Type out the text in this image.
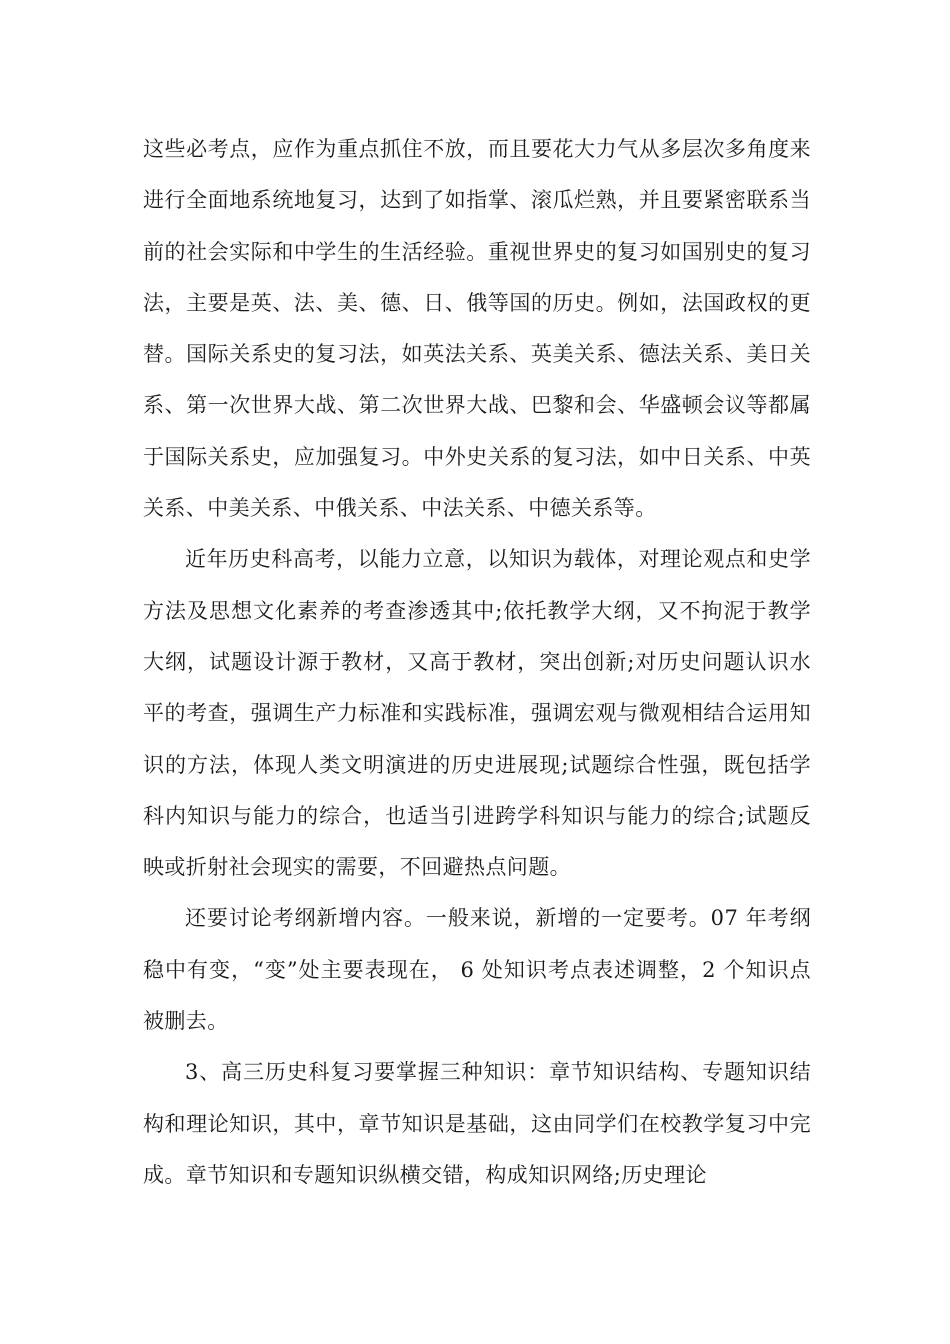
这些必考点，应作为重点抓住不放，而且要花大力气从多层次多角度来进行全面地系统地复习，达到了如指掌、滚瓜烂熟，并且要紧密联系当前的社会实际和中学生的生活经验。重视世界史的复习如国别史的复习法，主要是英、法、美、德、日、俄等国的历史。例如，法国政权的更替。国际关系史的复习法，如英法关系、英美关系、德法关系、美日关系、第一次世界大战、第二次世界大战、巴黎和会、华盛顿会议等都属于国际关系史，应加强复习。中外史关系的复习法，如中日关系、中英关系、中美关系、中俄关系、中法关系、中德关系等。

近年历史科高考，以能力立意，以知识为载体，对理论观点和史学方法及思想文化素养的考查渗透其中;依托教学大纲，又不拘泥于教学大纲，试题设计源于教材，又高于教材，突出创新;对历史问题认识水平的考查，强调生产力标准和实践标准，强调宏观与微观相结合运用知识的方法，体现人类文明演进的历史进展现;试题综合性强，既包括学科内知识与能力的综合，也适当引进跨学科知识与能力的综合;试题反映或折射社会现实的需要，不回避热点问题。

还要讨论考纲新增内容。一般来说，新增的一定要考。07 年考纲稳中有变，“变”处主要表现在， 6 处知识考点表述调整，2 个知识点被删去。

3、高三历史科复习要掌握三种知识：章节知识结构、专题知识结构和理论知识，其中，章节知识是基础，这由同学们在校教学复习中完成。章节知识和专题知识纵横交错，构成知识网络;历史理论
